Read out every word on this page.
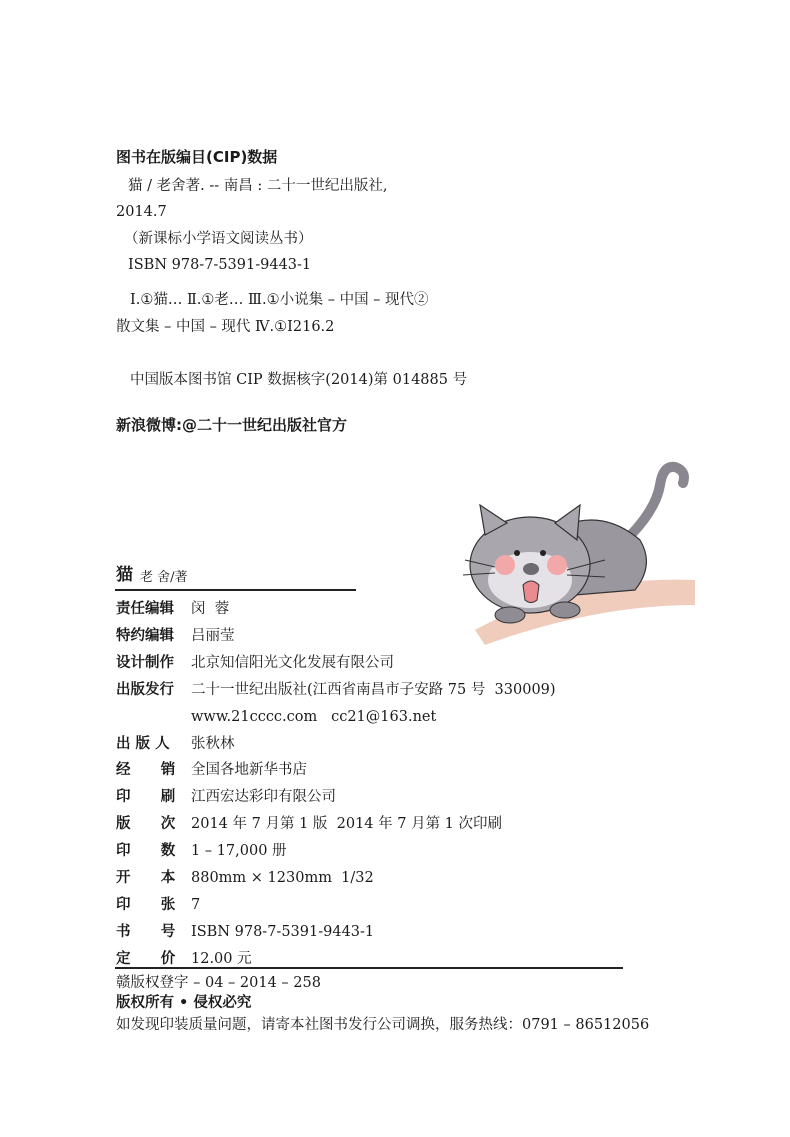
图书在版编目(CIP)数据
猫 / 老舍著. -- 南昌 : 二十一世纪出版社,
2014.7
（新课标小学语文阅读丛书）
ISBN 978-7-5391-9443-1
Ⅰ.①猫… Ⅱ.①老… Ⅲ.①小说集 – 中国 – 现代②
散文集 – 中国 – 现代 Ⅳ.①I216.2
中国版本图书馆 CIP 数据核字(2014)第 014885 号
新浪微博:@二十一世纪出版社官方
猫 老 舍/著
责任编辑 闵  蓉
特约编辑 吕丽莹
设计制作 北京知信阳光文化发展有限公司
出版发行 二十一世纪出版社(江西省南昌市子安路 75 号  330009)
www.21cccc.com   cc21@163.net
出 版 人 张秋林
经      销 全国各地新华书店
印      刷 江西宏达彩印有限公司
版      次 2014 年 7 月第 1 版  2014 年 7 月第 1 次印刷
印      数 1 – 17,000 册
开      本 880mm × 1230mm  1/32
印      张 7
书      号 ISBN 978-7-5391-9443-1
定      价 12.00 元
赣版权登字 – 04 – 2014 – 258
版权所有 • 侵权必究
如发现印装质量问题，请寄本社图书发行公司调换，服务热线：0791 – 86512056
